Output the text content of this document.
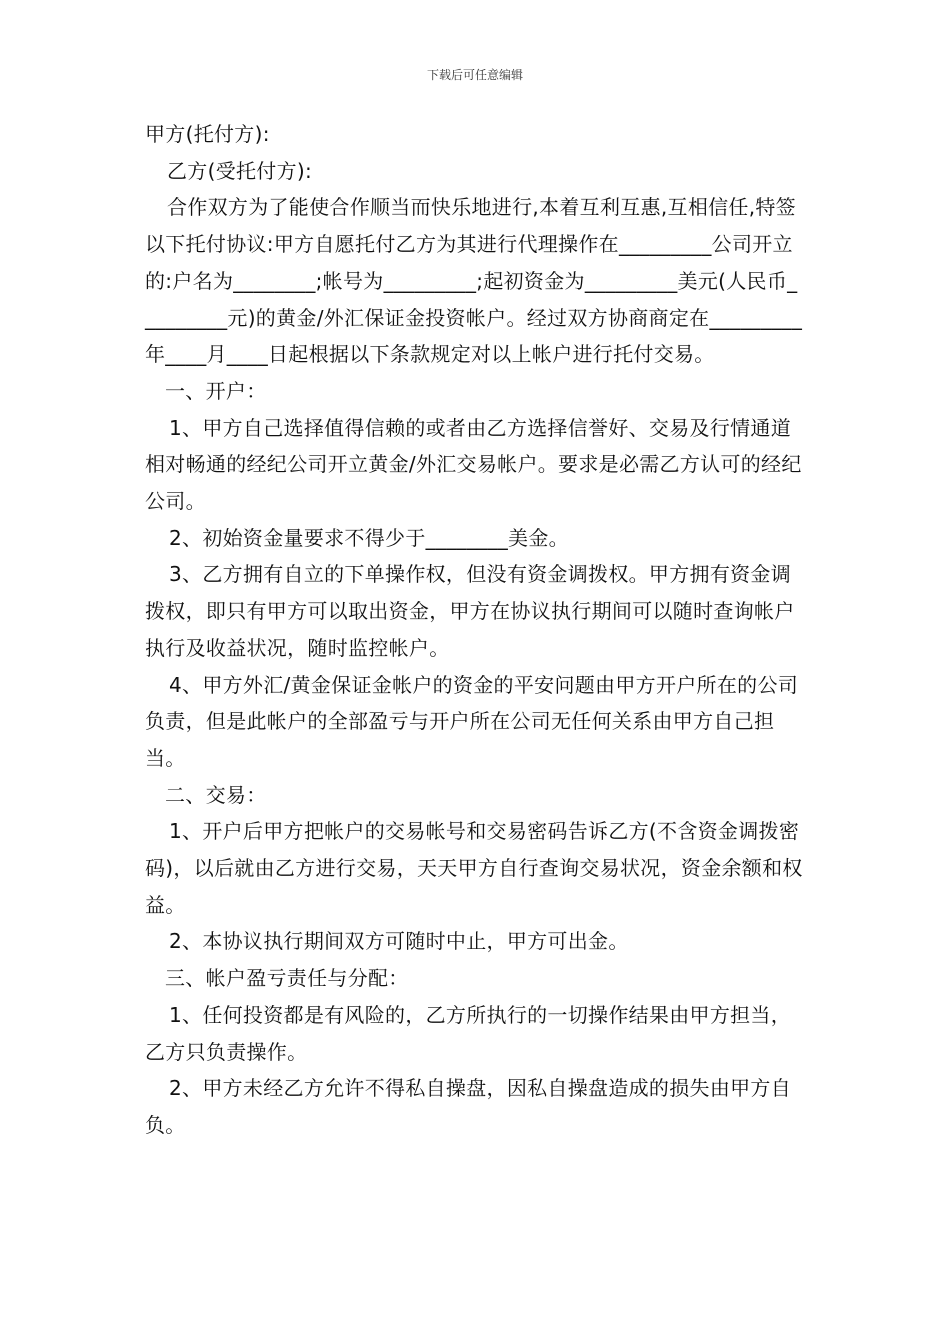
下载后可任意编辑

甲方(托付方):

乙方(受托付方):

合作双方为了能使合作顺当而快乐地进行,本着互利互惠,互相信任,特签以下托付协议:甲方自愿托付乙方为其进行代理操作在_________公司开立的:户名为________;帐号为_________;起初资金为_________美元(人民币_________元)的黄金/外汇保证金投资帐户。经过双方协商商定在_________年____月____日起根据以下条款规定对以上帐户进行托付交易。

一、开户：

1、甲方自己选择值得信赖的或者由乙方选择信誉好、交易及行情通道相对畅通的经纪公司开立黄金/外汇交易帐户。要求是必需乙方认可的经纪公司。

2、初始资金量要求不得少于________美金。

3、乙方拥有自立的下单操作权，但没有资金调拨权。甲方拥有资金调拨权，即只有甲方可以取出资金，甲方在协议执行期间可以随时查询帐户执行及收益状况，随时监控帐户。

4、甲方外汇/黄金保证金帐户的资金的平安问题由甲方开户所在的公司负责，但是此帐户的全部盈亏与开户所在公司无任何关系由甲方自己担当。

二、交易：

1、开户后甲方把帐户的交易帐号和交易密码告诉乙方(不含资金调拨密码)，以后就由乙方进行交易，天天甲方自行查询交易状况，资金余额和权益。

2、本协议执行期间双方可随时中止，甲方可出金。

三、帐户盈亏责任与分配：

1、任何投资都是有风险的，乙方所执行的一切操作结果由甲方担当，乙方只负责操作。

2、甲方未经乙方允许不得私自操盘，因私自操盘造成的损失由甲方自负。
